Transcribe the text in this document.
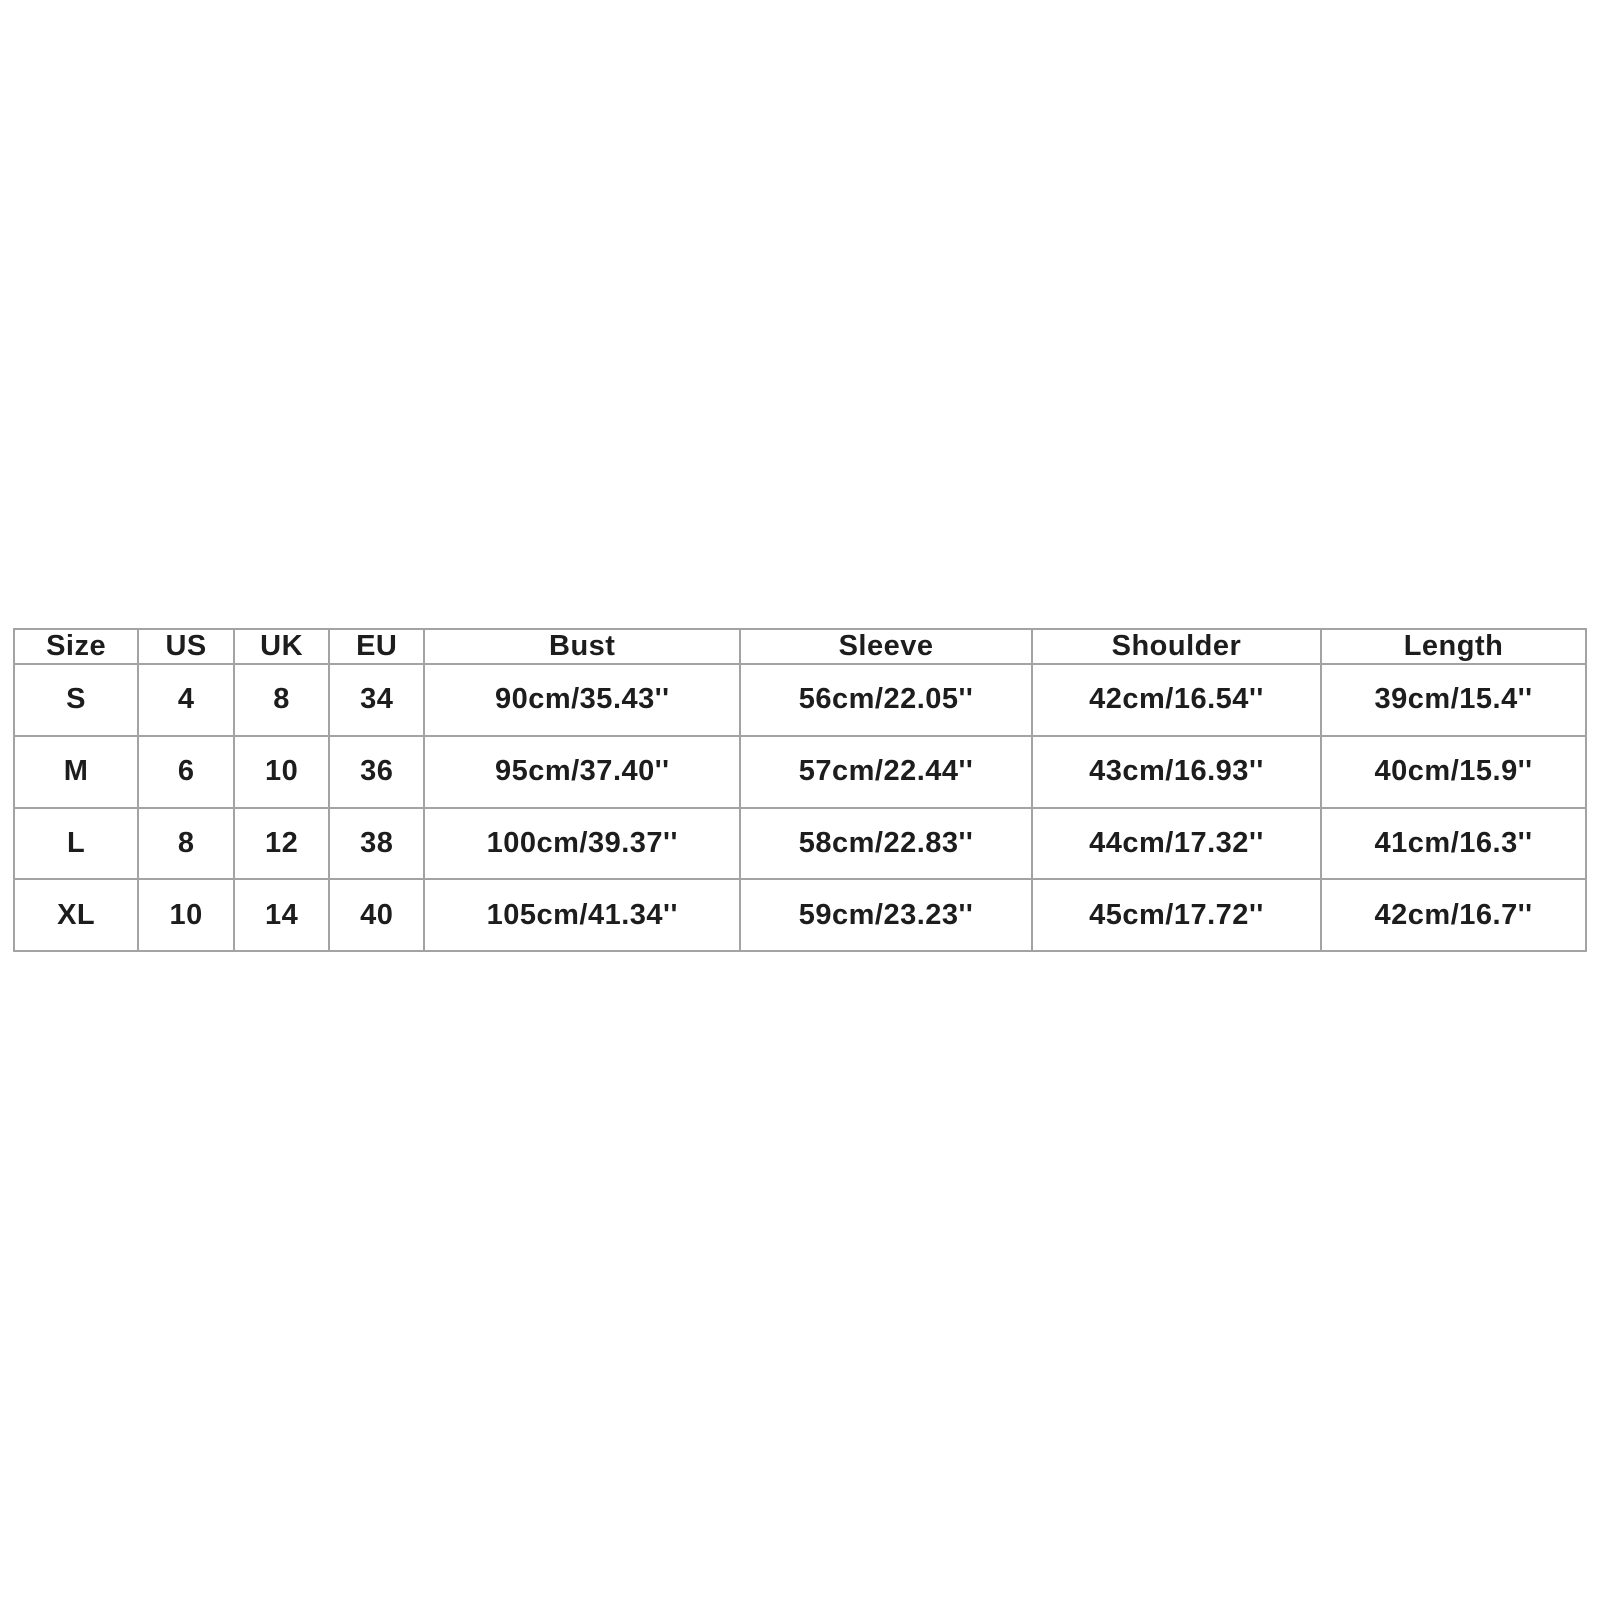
Size	US	UK	EU	Bust	Sleeve	Shoulder	Length
S	4	8	34	90cm/35.43''	56cm/22.05''	42cm/16.54''	39cm/15.4''
M	6	10	36	95cm/37.40''	57cm/22.44''	43cm/16.93''	40cm/15.9''
L	8	12	38	100cm/39.37''	58cm/22.83''	44cm/17.32''	41cm/16.3''
XL	10	14	40	105cm/41.34''	59cm/23.23''	45cm/17.72''	42cm/16.7''
